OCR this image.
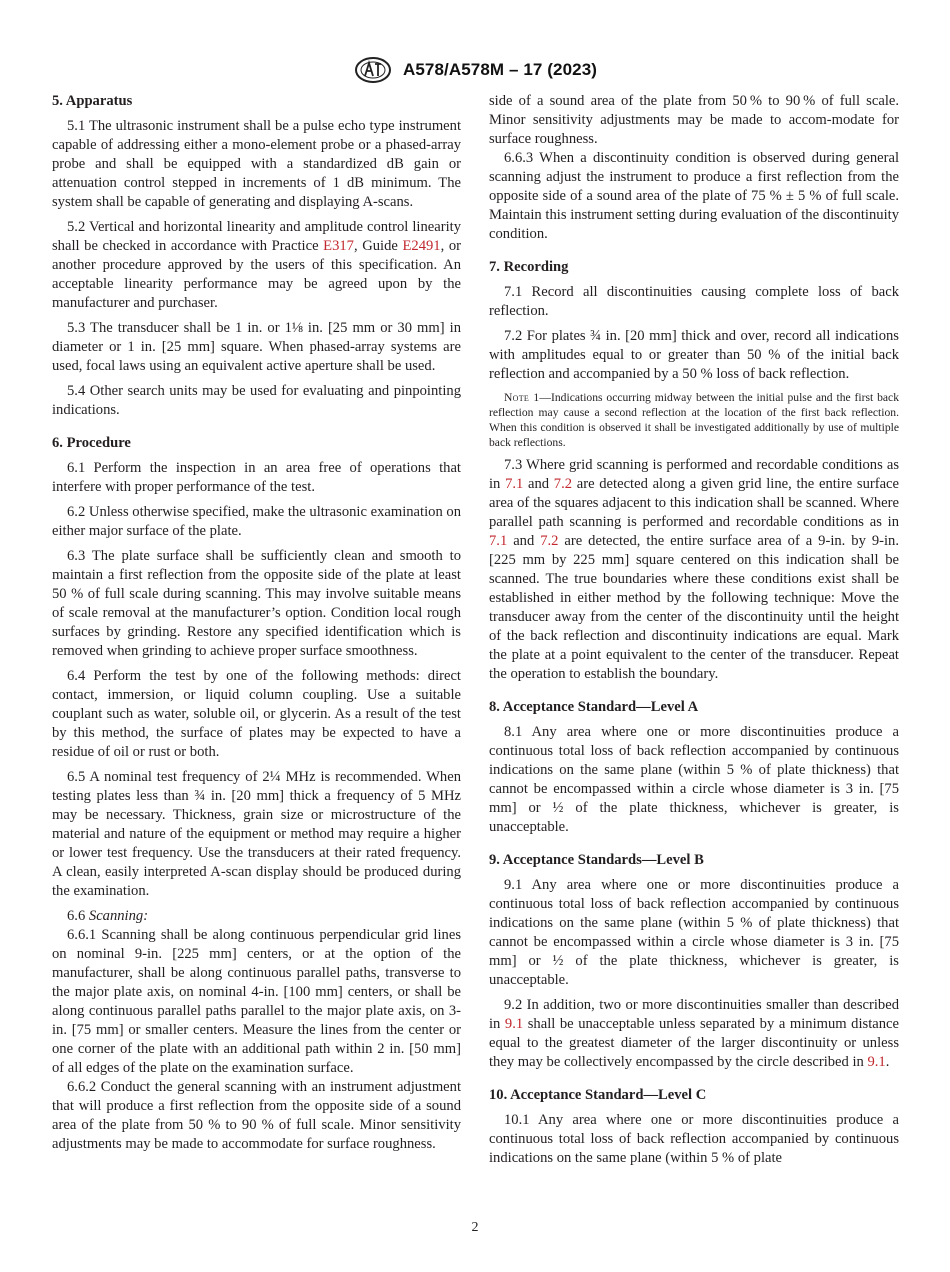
A578/A578M – 17 (2023)
5. Apparatus

5.1 The ultrasonic instrument shall be a pulse echo type instrument capable of addressing either a mono-element probe or a phased-array probe and shall be equipped with a standardized dB gain or attenuation control stepped in increments of 1 dB minimum. The system shall be capable of generating and displaying A-scans.

5.2 Vertical and horizontal linearity and amplitude control linearity shall be checked in accordance with Practice E317, Guide E2491, or another procedure approved by the users of this specification. An acceptable linearity performance may be agreed upon by the manufacturer and purchaser.

5.3 The transducer shall be 1 in. or 1⅛ in. [25 mm or 30 mm] in diameter or 1 in. [25 mm] square. When phased-array systems are used, focal laws using an equivalent active aperture shall be used.

5.4 Other search units may be used for evaluating and pinpointing indications.

6. Procedure

6.1 Perform the inspection in an area free of operations that interfere with proper performance of the test.

6.2 Unless otherwise specified, make the ultrasonic examination on either major surface of the plate.

6.3 The plate surface shall be sufficiently clean and smooth to maintain a first reflection from the opposite side of the plate at least 50 % of full scale during scanning. This may involve suitable means of scale removal at the manufacturer’s option. Condition local rough surfaces by grinding. Restore any specified identification which is removed when grinding to achieve proper surface smoothness.

6.4 Perform the test by one of the following methods: direct contact, immersion, or liquid column coupling. Use a suitable couplant such as water, soluble oil, or glycerin. As a result of the test by this method, the surface of plates may be expected to have a residue of oil or rust or both.

6.5 A nominal test frequency of 2¼ MHz is recommended. When testing plates less than ¾ in. [20 mm] thick a frequency of 5 MHz may be necessary. Thickness, grain size or microstructure of the material and nature of the equipment or method may require a higher or lower test frequency. Use the transducers at their rated frequency. A clean, easily interpreted A-scan display should be produced during the examination.

6.6 Scanning:

6.6.1 Scanning shall be along continuous perpendicular grid lines on nominal 9-in. [225 mm] centers, or at the option of the manufacturer, shall be along continuous parallel paths, transverse to the major plate axis, on nominal 4-in. [100 mm] centers, or shall be along continuous parallel paths parallel to the major plate axis, on 3-in. [75 mm] or smaller centers. Measure the lines from the center or one corner of the plate with an additional path within 2 in. [50 mm] of all edges of the plate on the examination surface.

6.6.2 Conduct the general scanning with an instrument adjustment that will produce a first reflection from the opposite side of a sound area of the plate from 50 % to 90 % of full scale. Minor sensitivity adjustments may be made to accommodate for surface roughness.

side of a sound area of the plate from 50 % to 90 % of full scale. Minor sensitivity adjustments may be made to accom-modate for surface roughness.

6.6.3 When a discontinuity condition is observed during general scanning adjust the instrument to produce a first reflection from the opposite side of a sound area of the plate of 75 % ± 5 % of full scale. Maintain this instrument setting during evaluation of the discontinuity condition.

7. Recording

7.1 Record all discontinuities causing complete loss of back reflection.

7.2 For plates ¾ in. [20 mm] thick and over, record all indications with amplitudes equal to or greater than 50 % of the initial back reflection and accompanied by a 50 % loss of back reflection.

Note 1—Indications occurring midway between the initial pulse and the first back reflection may cause a second reflection at the location of the first back reflection. When this condition is observed it shall be investigated additionally by use of multiple back reflections.

7.3 Where grid scanning is performed and recordable conditions as in 7.1 and 7.2 are detected along a given grid line, the entire surface area of the squares adjacent to this indication shall be scanned. Where parallel path scanning is performed and recordable conditions as in 7.1 and 7.2 are detected, the entire surface area of a 9-in. by 9-in. [225 mm by 225 mm] square centered on this indication shall be scanned. The true boundaries where these conditions exist shall be established in either method by the following technique: Move the transducer away from the center of the discontinuity until the height of the back reflection and discontinuity indications are equal. Mark the plate at a point equivalent to the center of the transducer. Repeat the operation to establish the boundary.

8. Acceptance Standard—Level A

8.1 Any area where one or more discontinuities produce a continuous total loss of back reflection accompanied by continuous indications on the same plane (within 5 % of plate thickness) that cannot be encompassed within a circle whose diameter is 3 in. [75 mm] or ½ of the plate thickness, whichever is greater, is unacceptable.

9. Acceptance Standards—Level B

9.1 Any area where one or more discontinuities produce a continuous total loss of back reflection accompanied by continuous indications on the same plane (within 5 % of plate thickness) that cannot be encompassed within a circle whose diameter is 3 in. [75 mm] or ½ of the plate thickness, whichever is greater, is unacceptable.

9.2 In addition, two or more discontinuities smaller than described in 9.1 shall be unacceptable unless separated by a minimum distance equal to the greatest diameter of the larger discontinuity or unless they may be collectively encompassed by the circle described in 9.1.

10. Acceptance Standard—Level C

10.1 Any area where one or more discontinuities produce a continuous total loss of back reflection accompanied by continuous indications on the same plane (within 5 % of plate

2
